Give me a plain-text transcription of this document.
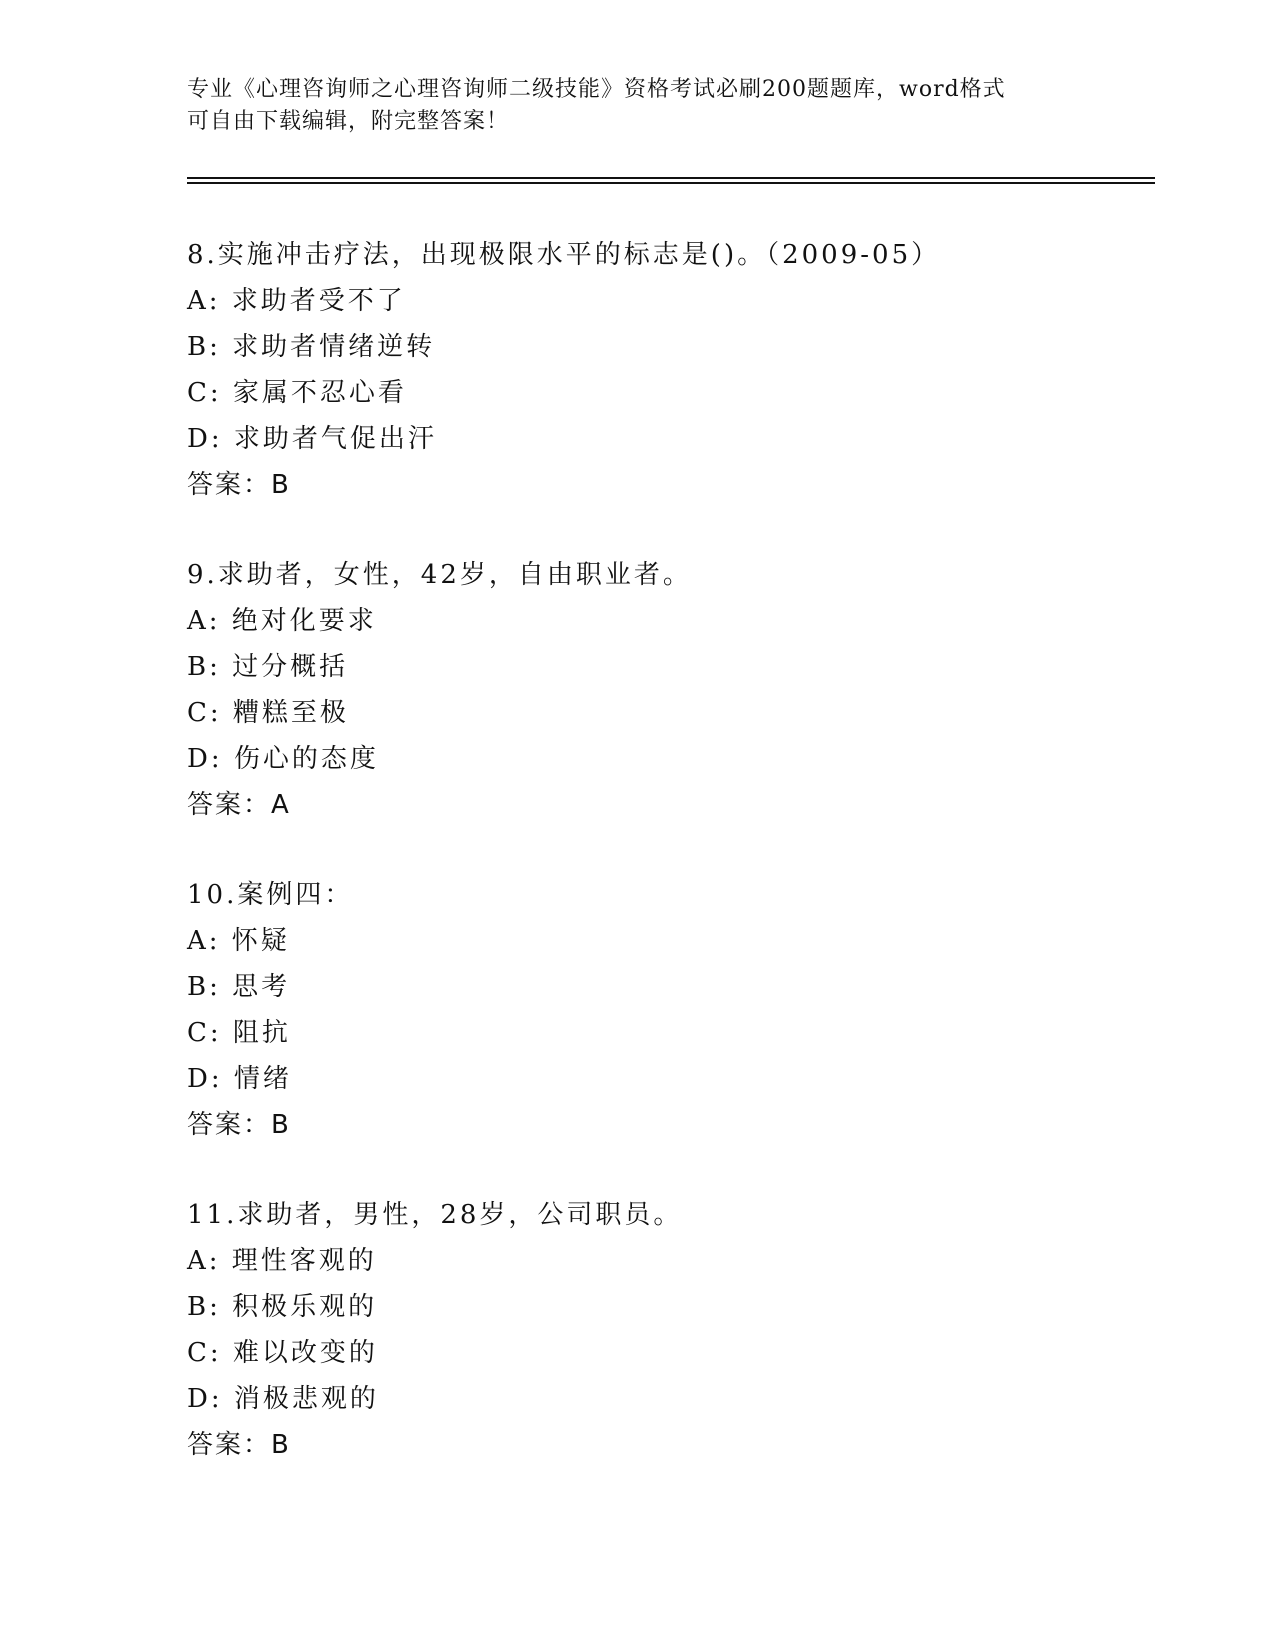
专业《心理咨询师之心理咨询师二级技能》资格考试必刷200题题库，word格式
可自由下载编辑，附完整答案！
8.实施冲击疗法，出现极限水平的标志是()。（2009-05）
A: 求助者受不了
B: 求助者情绪逆转
C: 家属不忍心看
D: 求助者气促出汗
答案：B
9.求助者，女性，42岁，自由职业者。
A: 绝对化要求
B: 过分概括
C: 糟糕至极
D: 伤心的态度
答案：A
10.案例四：
A: 怀疑
B: 思考
C: 阻抗
D: 情绪
答案：B
11.求助者，男性，28岁，公司职员。
A: 理性客观的
B: 积极乐观的
C: 难以改变的
D: 消极悲观的
答案：B
